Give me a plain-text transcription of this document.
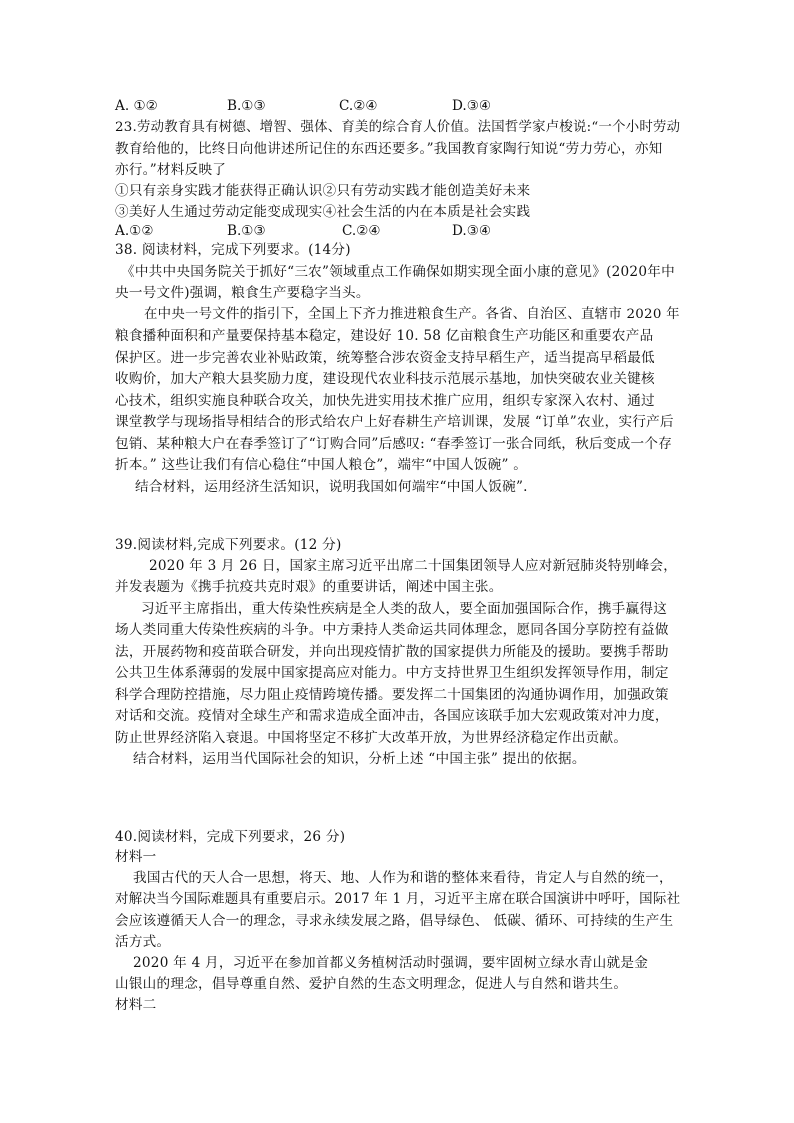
A. ①②	B.①③	C.②④	D.③④
23.劳动教育具有树德、增智、强体、育美的综合育人价值。法国哲学家卢梭说:“一个小时劳动
教育给他的，比终日向他讲述所记住的东西还要多。”我国教育家陶行知说“劳力劳心，亦知
亦行。”材料反映了
①只有亲身实践才能获得正确认识②只有劳动实践才能创造美好未来
③美好人生通过劳动定能变成现实④社会生活的内在本质是社会实践
A.①②	B.①③	C.②④	D.③④
38. 阅读材料，完成下列要求。(14分)
《中共中央国务院关于抓好“三农”领域重点工作确保如期实现全面小康的意见》(2020年中
央一号文件)强调，粮食生产要稳字当头。
在中央一号文件的指引下，全国上下齐力推进粮食生产。各省、自治区、直辖市 2020 年
粮食播种面积和产量要保持基本稳定，建设好 10. 58 亿亩粮食生产功能区和重要农产品
保护区。进一步完善农业补贴政策，统筹整合涉农资金支持早稻生产，适当提高早稻最低
收购价，加大产粮大县奖励力度，建设现代农业科技示范展示基地，加快突破农业关键核
心技术，组织实施良种联合攻关，加快先进实用技术推广应用，组织专家深入农村、通过
课堂教学与现场指导相结合的形式给农户上好春耕生产培训课，发展 “订单”农业，实行产后
包销、某种粮大户在春季签订了“订购合同”后感叹: “春季签订一张合同纸，秋后变成一个存
折本。” 这些让我们有信心稳住“中国人粮仓”，端牢“中国人饭碗” 。
结合材料，运用经济生活知识，说明我国如何端牢“中国人饭碗”.
39.阅读材料,完成下列要求。(12 分)
2020 年 3 月 26 日，国家主席习近平出席二十国集团领导人应对新冠肺炎特别峰会，
并发表题为《携手抗疫共克时艰》的重要讲话，阐述中国主张。
习近平主席指出，重大传染性疾病是全人类的敌人，要全面加强国际合作，携手赢得这
场人类同重大传染性疾病的斗争。中方秉持人类命运共同体理念，愿同各国分享防控有益做
法，开展药物和疫苗联合研发，并向出现疫情扩散的国家提供力所能及的援助。要携手帮助
公共卫生体系薄弱的发展中国家提高应对能力。中方支持世界卫生组织发挥领导作用，制定
科学合理防控措施，尽力阻止疫情跨境传播。要发挥二十国集团的沟通协调作用，加强政策
对话和交流。疫情对全球生产和需求造成全面冲击，各国应该联手加大宏观政策对冲力度，
防止世界经济陷入衰退。中国将坚定不移扩大改革开放，为世界经济稳定作出贡献。
结合材料，运用当代国际社会的知识，分析上述 “中国主张” 提出的依据。
40.阅读材料，完成下列要求，26 分)
材料一
我国古代的天人合一思想，将天、地、人作为和谐的整体来看待，肯定人与自然的统一，
对解决当今国际难题具有重要启示。2017 年 1 月，习近平主席在联合国演讲中呼吁，国际社
会应该遵循天人合一的理念，寻求永续发展之路，倡导绿色、 低碳、循环、可持续的生产生
活方式。
2020 年 4 月，习近平在参加首都义务植树活动时强调，要牢固树立绿水青山就是金
山银山的理念，倡导尊重自然、爱护自然的生态文明理念，促进人与自然和谐共生。
材料二
